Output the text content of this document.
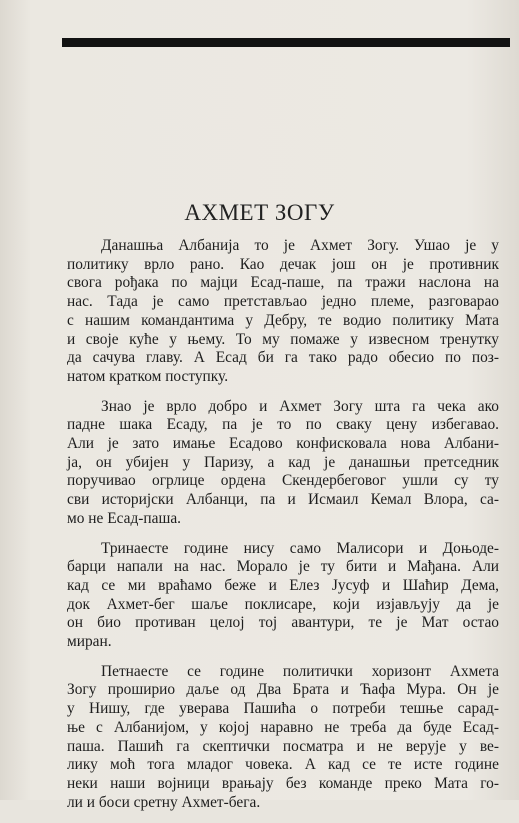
АХМЕТ ЗОГУ
Данашња Албанија то је Ахмет Зогу. Ушао је у
политику врло рано. Као дечак још он је противник
свога рођака по мајци Есад-паше, па тражи наслона на
нас. Тада је само претстављао једно племе, разговарао
с нашим командантима у Дебру, те водио политику Мата
и своје куће у њему. То му помаже у извесном тренутку
да сачува главу. А Есад би га тако радо обесио по поз-
натом кратком поступку.
Знао је врло добро и Ахмет Зогу шта га чека ако
падне шака Есаду, па је то по сваку цену избегавао.
Али је зато имање Есадово конфисковала нова Албани-
ја, он убијен у Паризу, а кад је данашњи претседник
поручивао огрлице ордена Скендербеговог ушли су ту
сви историјски Албанци, па и Исмаил Кемал Влора, са-
мо не Есад-паша.
Тринаесте године нису само Малисори и Доњоде-
барци напали на нас. Морало је ту бити и Мађана. Али
кад се ми враћамо беже и Елез Јусуф и Шаћир Дема,
док Ахмет-бег шаље поклисаре, који изјављују да је
он био противан целој тој авантури, те је Мат остао
миран.
Петнаесте се године политички хоризонт Ахмета
Зогу проширио даље од Два Брата и Ћафа Мура. Он је
у Нишу, где уверава Пашића о потреби тешње сарад-
ње с Албанијом, у којој наравно не треба да буде Есад-
паша. Пашић га скептички посматра и не верује у ве-
лику моћ тога младог човека. А кад се те исте године
неки наши војници врањају без команде преко Мата го-
ли и боси сретну Ахмет-бега.
